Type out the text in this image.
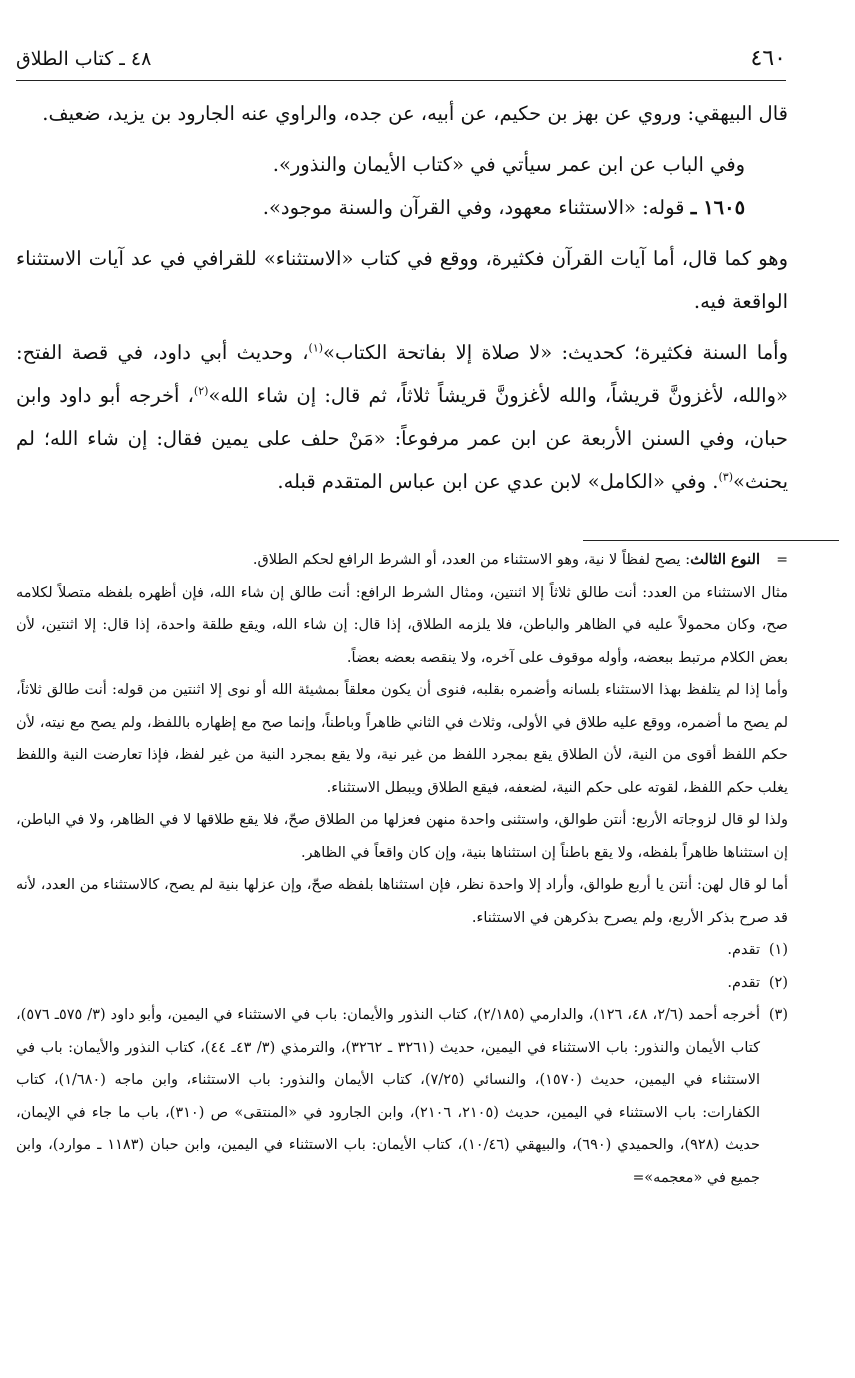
٤٦٠
٤٨ ـ كتاب الطلاق

قال البيهقي: وروي عن بهز بن حكيم، عن أبيه، عن جده، والراوي عنه الجارود بن يزيد، ضعيف.

وفي الباب عن ابن عمر سيأتي في «كتاب الأيمان والنذور».

١٦٠٥ ـ قوله: «الاستثناء معهود، وفي القرآن والسنة موجود».

وهو كما قال، أما آيات القرآن فكثيرة، ووقع في كتاب «الاستثناء» للقرافي في عد آيات الاستثناء الواقعة فيه.

وأما السنة فكثيرة؛ كحديث: «لا صلاة إلا بفاتحة الكتاب»$^{(١)}$، وحديث أبي داود، في قصة الفتح: «والله، لأغزونَّ قريشاً، والله لأغزونَّ قريشاً ثلاثاً، ثم قال: إن شاء الله»$^{(٢)}$، أخرجه أبو داود وابن حبان، وفي السنن الأربعة عن ابن عمر مرفوعاً: «مَنْ حلف على يمين فقال: إن شاء الله؛ لم يحنث»$^{(٣)}$. وفي «الكامل» لابن عدي عن ابن عباس المتقدم قبله.

=

النوع الثالث: يصح لفظاً لا نية، وهو الاستثناء من العدد، أو الشرط الرافع لحكم الطلاق.

مثال الاستثناء من العدد: أنت طالق ثلاثاً إلا اثنتين، ومثال الشرط الرافع: أنت طالق إن شاء الله، فإن أظهره بلفظه متصلاً لكلامه صح، وكان محمولاً عليه في الظاهر والباطن، فلا يلزمه الطلاق، إذا قال: إن شاء الله، ويقع طلقة واحدة، إذا قال: إلا اثنتين، لأن بعض الكلام مرتبط ببعضه، وأوله موقوف على آخره، ولا ينقصه بعضه بعضاً.

وأما إذا لم يتلفظ بهذا الاستثناء بلسانه وأضمره بقلبه، فنوى أن يكون معلقاً بمشيئة الله أو نوى إلا اثنتين من قوله: أنت طالق ثلاثاً، لم يصح ما أضمره، ووقع عليه طلاق في الأولى، وثلاث في الثاني ظاهراً وباطناً، وإنما صح مع إظهاره باللفظ، ولم يصح مع نيته، لأن حكم اللفظ أقوى من النية، لأن الطلاق يقع بمجرد اللفظ من غير نية، ولا يقع بمجرد النية من غير لفظ، فإذا تعارضت النية واللفظ يغلب حكم اللفظ، لقوته على حكم النية، لضعفه، فيقع الطلاق ويبطل الاستثناء.

ولذا لو قال لزوجاته الأربع: أنتن طوالق، واستثنى واحدة منهن فعزلها من الطلاق صحّ، فلا يقع طلاقها لا في الظاهر، ولا في الباطن، إن استثناها ظاهراً بلفظه، ولا يقع باطناً إن استثناها بنية، وإن كان واقعاً في الظاهر.

أما لو قال لهن: أنتن يا أربع طوالق، وأراد إلا واحدة نظر، فإن استثناها بلفظه صحّ، وإن عزلها بنية لم يصح، كالاستثناء من العدد، لأنه قد صرح بذكر الأربع، ولم يصرح بذكرهن في الاستثناء.

(١)
تقدم.
(٢)
تقدم.
(٣)
أخرجه أحمد (٢/٦، ٤٨، ١٢٦)، والدارمي (٢/١٨٥)، كتاب النذور والأيمان: باب في الاستثناء في اليمين، وأبو داود (٣/ ٥٧٥ـ ٥٧٦)، كتاب الأيمان والنذور: باب الاستثناء في اليمين، حديث (٣٢٦١ ـ ٣٢٦٢)، والترمذي (٣/ ٤٣ـ ٤٤)، كتاب النذور والأيمان: باب في الاستثناء في اليمين، حديث (١٥٧٠)، والنسائي (٧/٢٥)، كتاب الأيمان والنذور: باب الاستثناء، وابن ماجه (١/٦٨٠)، كتاب الكفارات: باب الاستثناء في اليمين، حديث (٢١٠٥، ٢١٠٦)، وابن الجارود في «المنتقى» ص (٣١٠)، باب ما جاء في الإيمان، حديث (٩٢٨)، والحميدي (٦٩٠)، والبيهقي (١٠/٤٦)، كتاب الأيمان: باب الاستثناء في اليمين، وابن حبان (١١٨٣ ـ موارد)، وابن جميع في «معجمه»=
